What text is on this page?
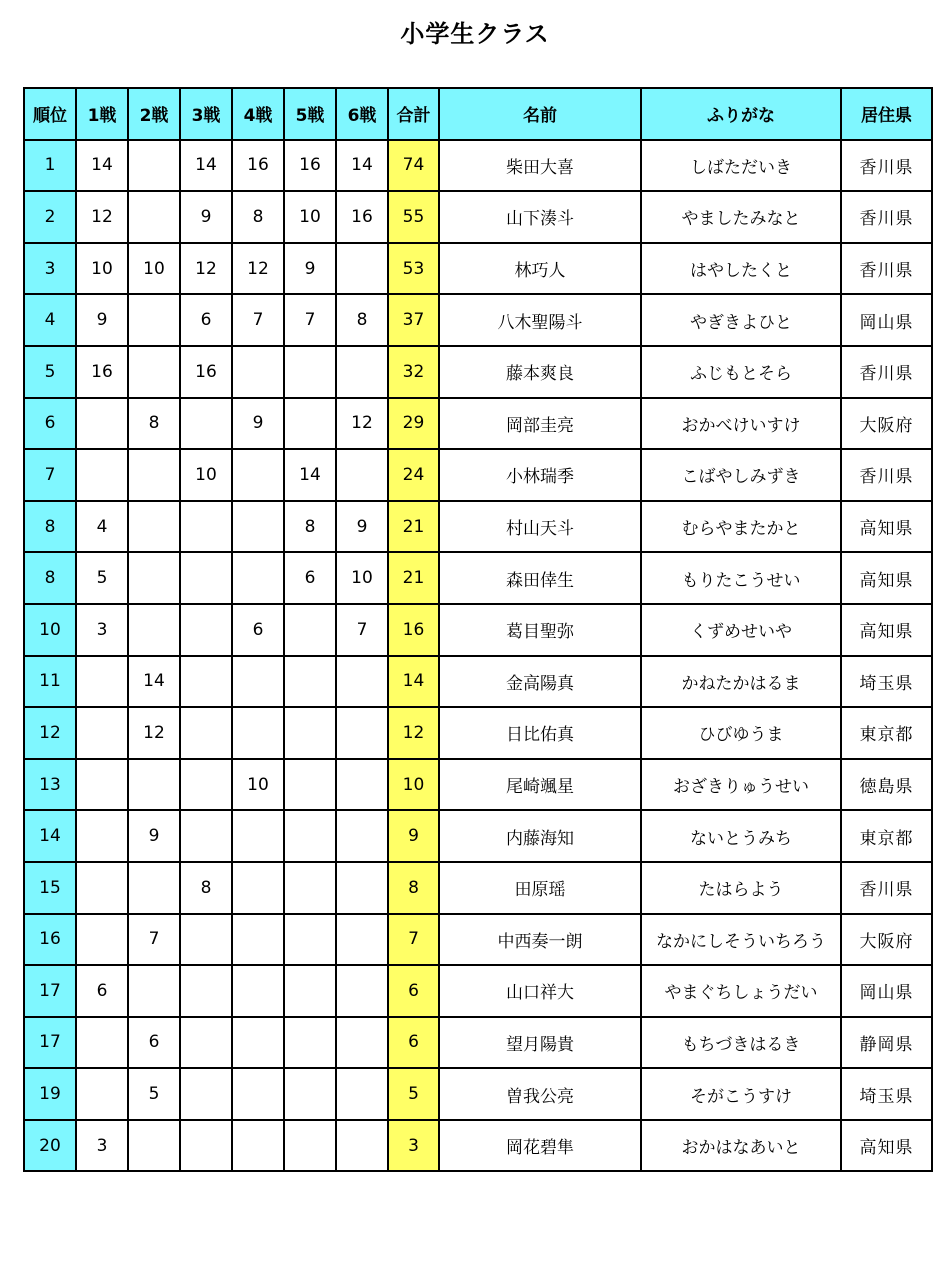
小学生クラス
順位	1戦	2戦	3戦	4戦	5戦	6戦	合計	名前	ふりがな	居住県
1	14		14	16	16	14	74	柴田大喜	しばただいき	香川県
2	12		9	8	10	16	55	山下湊斗	やましたみなと	香川県
3	10	10	12	12	9		53	林巧人	はやしたくと	香川県
4	9		6	7	7	8	37	八木聖陽斗	やぎきよひと	岡山県
5	16		16				32	藤本爽良	ふじもとそら	香川県
6		8		9		12	29	岡部圭亮	おかべけいすけ	大阪府
7			10		14		24	小林瑞季	こばやしみずき	香川県
8	4				8	9	21	村山天斗	むらやまたかと	高知県
8	5				6	10	21	森田倖生	もりたこうせい	高知県
10	3			6		7	16	葛目聖弥	くずめせいや	高知県
11		14					14	金高陽真	かねたかはるま	埼玉県
12		12					12	日比佑真	ひびゆうま	東京都
13				10			10	尾崎颯星	おざきりゅうせい	徳島県
14		9					9	内藤海知	ないとうみち	東京都
15			8				8	田原瑶	たはらよう	香川県
16		7					7	中西奏一朗	なかにしそういちろう	大阪府
17	6						6	山口祥大	やまぐちしょうだい	岡山県
17		6					6	望月陽貴	もちづきはるき	静岡県
19		5					5	曽我公亮	そがこうすけ	埼玉県
20	3						3	岡花碧隼	おかはなあいと	高知県
